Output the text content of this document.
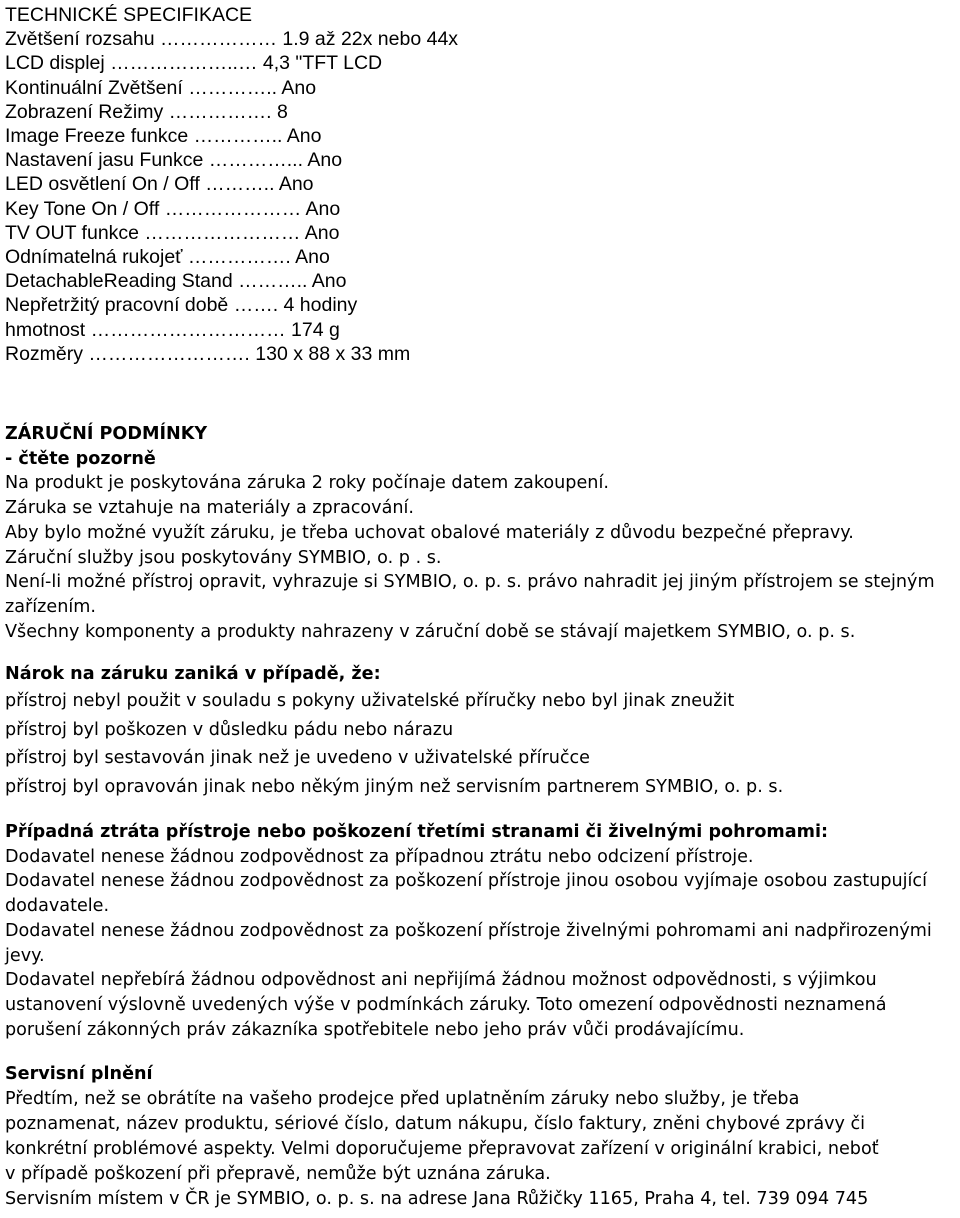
TECHNICKÉ SPECIFIKACE
Zvětšení rozsahu ……………… 1.9 až 22x nebo 44x
LCD displej ………………..… 4,3 "TFT LCD
Kontinuální Zvětšení ………….. Ano
Zobrazení Režimy ……………. 8
Image Freeze funkce ………….. Ano
Nastavení jasu Funkce …………... Ano
LED osvětlení On / Off ……….. Ano
Key Tone On / Off ………………… Ano
TV OUT funkce …………………… Ano
Odnímatelná rukojeť ……………. Ano
DetachableReading Stand ……….. Ano
Nepřetržitý pracovní době ……. 4 hodiny
hmotnost ………………………… 174 g
Rozměry ……………………. 130 x 88 x 33 mm
ZÁRUČNÍ PODMÍNKY
- čtěte pozorně
Na produkt je poskytována záruka 2 roky počínaje datem zakoupení.
Záruka se vztahuje na materiály a zpracování.
Aby bylo možné využít záruku, je třeba uchovat obalové materiály z důvodu bezpečné přepravy.
Záruční služby jsou poskytovány SYMBIO, o. p . s.
Není-li možné přístroj opravit, vyhrazuje si SYMBIO, o. p. s. právo nahradit jej jiným přístrojem se stejným zařízením.
Všechny komponenty a produkty nahrazeny v záruční době se stávají majetkem SYMBIO, o. p. s.
Nárok na záruku zaniká v případě, že:
přístroj nebyl použit v souladu s pokyny uživatelské příručky nebo byl jinak zneužit
přístroj byl poškozen v důsledku pádu nebo nárazu
přístroj byl sestavován jinak než je uvedeno v uživatelské příručce
přístroj byl opravován jinak nebo někým jiným než servisním partnerem SYMBIO, o. p. s.
Případná ztráta přístroje nebo poškození třetími stranami či živelnými pohromami:
Dodavatel nenese žádnou zodpovědnost za případnou ztrátu nebo odcizení přístroje.
Dodavatel nenese žádnou zodpovědnost za poškození přístroje jinou osobou vyjímaje osobou zastupující dodavatele.
Dodavatel nenese žádnou zodpovědnost za poškození přístroje živelnými pohromami ani nadpřirozenými jevy.
Dodavatel nepřebírá žádnou odpovědnost ani nepřijímá žádnou možnost odpovědnosti, s výjimkou ustanovení výslovně uvedených výše v podmínkách záruky. Toto omezení odpovědnosti neznamená porušení zákonných práv zákazníka spotřebitele nebo jeho práv vůči prodávajícímu.
Servisní plnění
Předtím, než se obrátíte na vašeho prodejce před uplatněním záruky nebo služby, je třeba
poznamenat, název produktu, sériové číslo, datum nákupu, číslo faktury, zněni chybové zprávy či
konkrétní problémové aspekty. Velmi doporučujeme přepravovat zařízení v originální krabici, neboť
v případě poškození při přepravě, nemůže být uznána záruka.
Servisním místem v ČR je SYMBIO, o. p. s. na adrese Jana Růžičky 1165, Praha 4, tel. 739 094 745
